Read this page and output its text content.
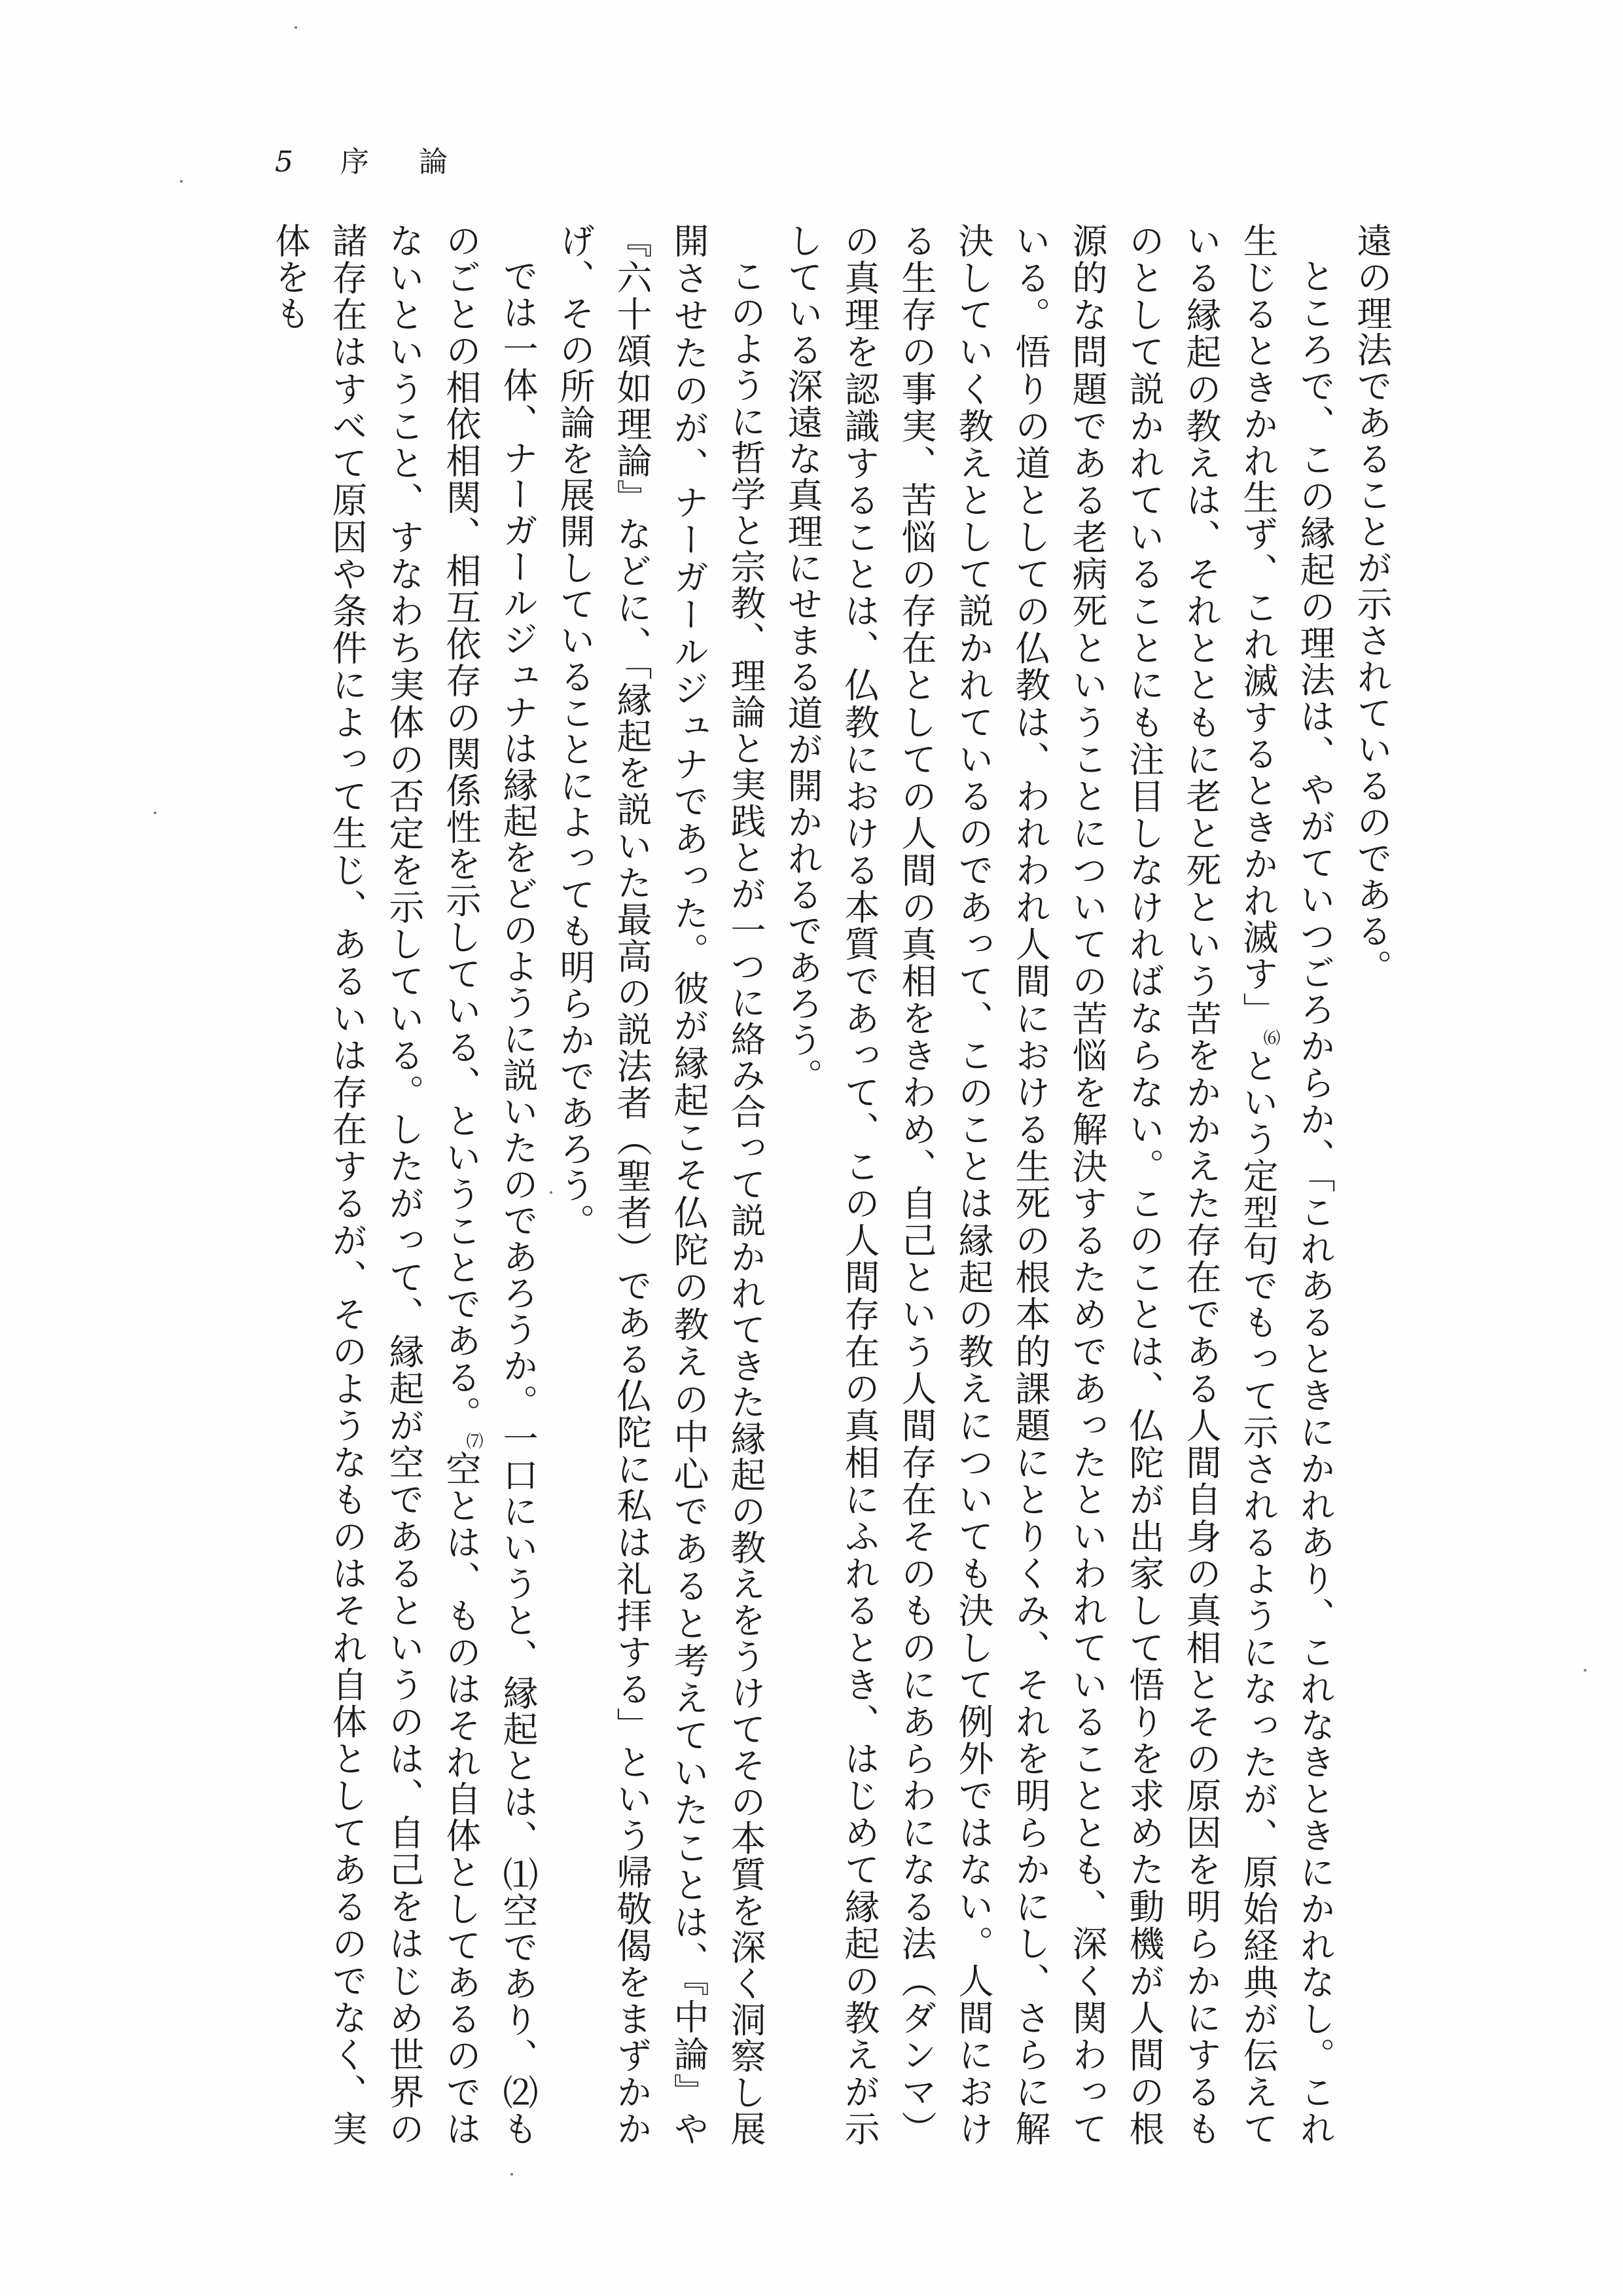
5 序 論

遠の理法であることが示されているのである。

ところで、この縁起の理法は、やがていつごろからか、「これあるときにかれあり、これなきときにかれなし。これ生じるときかれ生ず、これ滅するときかれ滅す」⑹という定型句でもって示されるようになったが、原始経典が伝えている縁起の教えは、それとともに老と死という苦をかかえた存在である人間自身の真相とその原因を明らかにするものとして説かれていることにも注目しなければならない。このことは、仏陀が出家して悟りを求めた動機が人間の根源的な問題である老病死ということについての苦悩を解決するためであったといわれていることとも、深く関わっている。悟りの道としての仏教は、われわれ人間における生死の根本的課題にとりくみ、それを明らかにし、さらに解決していく教えとして説かれているのであって、このことは縁起の教えについても決して例外ではない。人間における生存の事実、苦悩の存在としての人間の真相をきわめ、自己という人間存在そのものにあらわになる法（ダンマ）の真理を認識することは、仏教における本質であって、この人間存在の真相にふれるとき、はじめて縁起の教えが示している深遠な真理にせまる道が開かれるであろう。

このように哲学と宗教、理論と実践とが一つに絡み合って説かれてきた縁起の教えをうけてその本質を深く洞察し展開させたのが、ナーガールジュナであった。彼が縁起こそ仏陀の教えの中心であると考えていたことは、『中論』や『六十頌如理論』などに、「縁起を説いた最高の説法者（聖者）である仏陀に私は礼拝する」という帰敬偈をまずかかげ、その所論を展開していることによっても明らかであろう。

では一体、ナーガールジュナは縁起をどのように説いたのであろうか。一口にいうと、縁起とは、⑴空であり、⑵ものごとの相依相関、相互依存の関係性を示している、ということである。⑺空とは、ものはそれ自体としてあるのではないということ、すなわち実体の否定を示している。したがって、縁起が空であるというのは、自己をはじめ世界の諸存在はすべて原因や条件によって生じ、あるいは存在するが、そのようなものはそれ自体としてあるのでなく、実体をも
